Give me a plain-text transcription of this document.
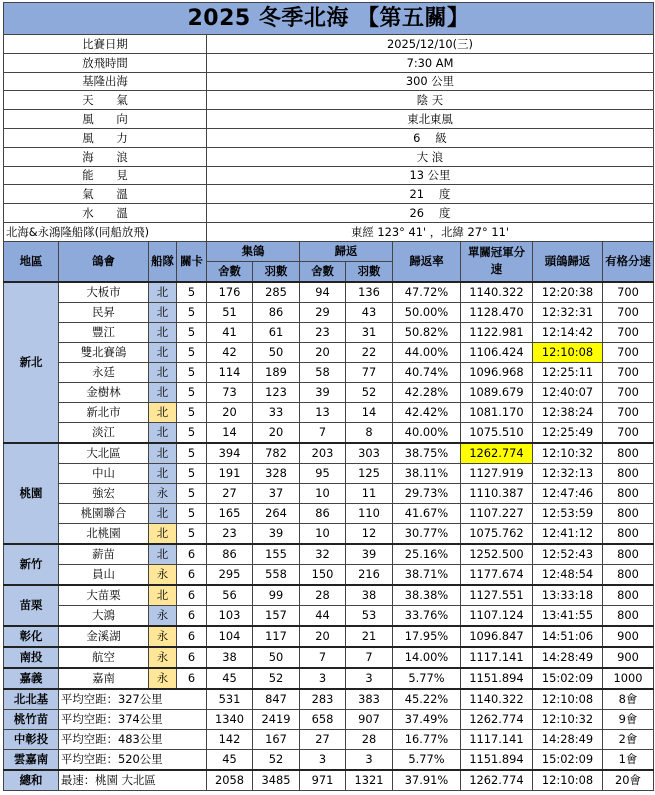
2025 冬季北海 【第五關】											
比賽日期				2025/12/10(三)							
放飛時間				7:30 AM							
基隆出海				300 公里							
天　　氣				陰 天							
風　　向				東北東風							
風　　力				6 　級							
海　　浪				大 浪							
能　　見				13 公里							
氣　　溫				21 　度							
水　　溫				26 　度							
北海&永鴻隆船隊(同船放飛)				東經 123° 41' ，北緯 27° 11'							
地區	鴿會	船隊	關卡	集鴿		歸返		歸返率	單關冠軍分速	頭鴿歸返	有格分速
				舍數	羽數	舍數	羽數				
新北	大板市	北	5	176	285	94	136	47.72%	1140.322	12:20:38	700
	民昇	北	5	51	86	29	43	50.00%	1128.470	12:32:31	700
	豐江	北	5	41	61	23	31	50.82%	1122.981	12:14:42	700
	雙北賽鴿	北	5	42	50	20	22	44.00%	1106.424	12:10:08	700
	永廷	北	5	114	189	58	77	40.74%	1096.968	12:25:11	700
	金樹林	北	5	73	123	39	52	42.28%	1089.679	12:40:07	700
	新北市	北	5	20	33	13	14	42.42%	1081.170	12:38:24	700
	淡江	北	5	14	20	7	8	40.00%	1075.510	12:25:49	700
桃園	大北區	北	5	394	782	203	303	38.75%	1262.774	12:10:32	800
	中山	北	5	191	328	95	125	38.11%	1127.919	12:32:13	800
	強宏	永	5	27	37	10	11	29.73%	1110.387	12:47:46	800
	桃園聯合	北	5	165	264	86	110	41.67%	1107.227	12:53:59	800
	北桃園	北	5	23	39	10	12	30.77%	1075.762	12:41:12	800
新竹	薪苗	北	6	86	155	32	39	25.16%	1252.500	12:52:43	800
	員山	永	6	295	558	150	216	38.71%	1177.674	12:48:54	800
苗栗	大苗栗	北	6	56	99	28	38	38.38%	1127.551	13:33:18	800
	大鴻	永	6	103	157	44	53	33.76%	1107.124	13:41:55	800
彰化	金溪湖	永	6	104	117	20	21	17.95%	1096.847	14:51:06	900
南投	航空	永	6	38	50	7	7	14.00%	1117.141	14:28:49	900
嘉義	嘉南	永	6	45	52	3	3	5.77%	1151.894	15:02:09	1000
北北基	平均空距：327公里			531	847	283	383	45.22%	1140.322	12:10:08	8會
桃竹苗	平均空距：374公里			1340	2419	658	907	37.49%	1262.774	12:10:32	9會
中彰投	平均空距：483公里			142	167	27	28	16.77%	1117.141	14:28:49	2會
雲嘉南	平均空距：520公里			45	52	3	3	5.77%	1151.894	15:02:09	1會
總和	最速：桃園 大北區			2058	3485	971	1321	37.91%	1262.774	12:10:08	20會
